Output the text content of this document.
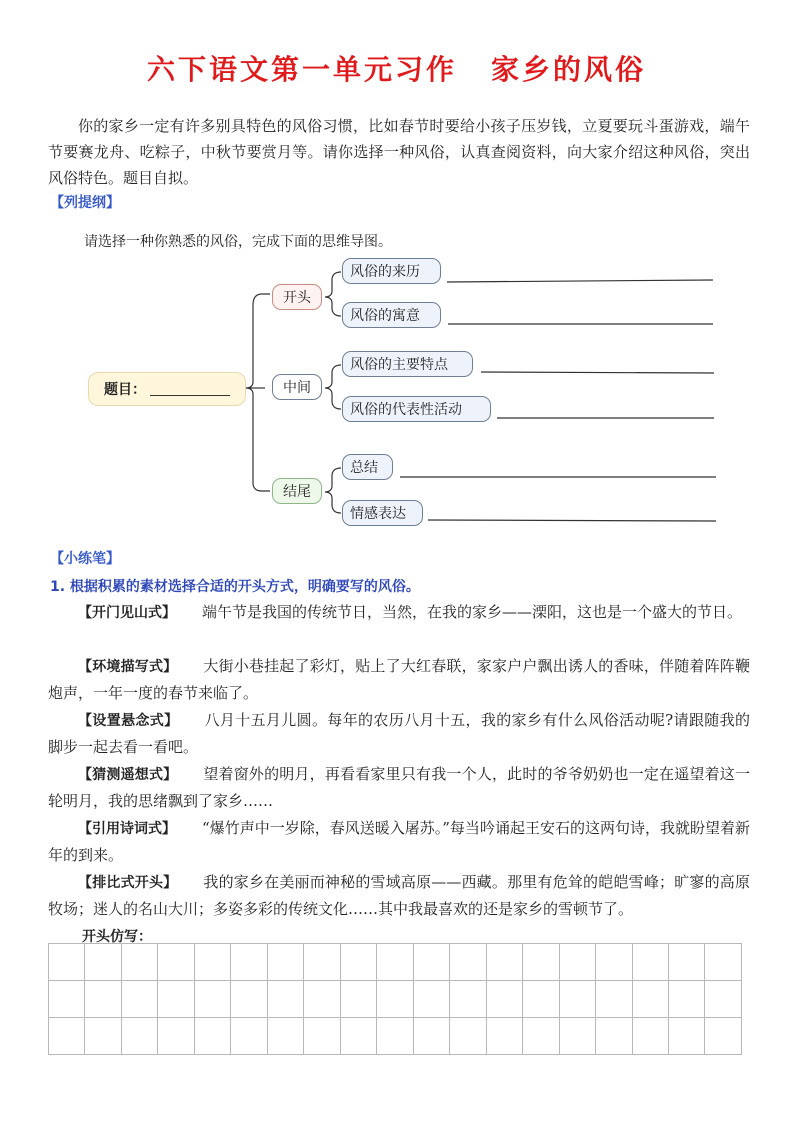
六下语文第一单元习作 家乡的风俗

你的家乡一定有许多别具特色的风俗习惯，比如春节时要给小孩子压岁钱，立夏要玩斗蛋游戏，端午节要赛龙舟、吃粽子，中秋节要赏月等。请你选择一种风俗，认真查阅资料，向大家介绍这种风俗，突出风俗特色。题目自拟。

【列提纲】
请选择一种你熟悉的风俗，完成下面的思维导图。
题目：
开头
中间
结尾
风俗的来历
风俗的寓意
风俗的主要特点
风俗的代表性活动
总结
情感表达
【小练笔】
1. 根据积累的素材选择合适的开头方式，明确要写的风俗。

【开门见山式】 端午节是我国的传统节日，当然，在我的家乡——溧阳，这也是一个盛大的节日。

【环境描写式】 大街小巷挂起了彩灯，贴上了大红春联，家家户户飘出诱人的香味，伴随着阵阵鞭炮声，一年一度的春节来临了。

【设置悬念式】 八月十五月儿圆。每年的农历八月十五，我的家乡有什么风俗活动呢?请跟随我的脚步一起去看一看吧。

【猜测遥想式】 望着窗外的明月，再看看家里只有我一个人，此时的爷爷奶奶也一定在遥望着这一轮明月，我的思绪飘到了家乡……

【引用诗词式】 “爆竹声中一岁除，春风送暖入屠苏。”每当吟诵起王安石的这两句诗，我就盼望着新年的到来。

【排比式开头】 我的家乡在美丽而神秘的雪域高原——西藏。那里有危耸的皑皑雪峰；旷寥的高原牧场；迷人的名山大川；多姿多彩的传统文化……其中我最喜欢的还是家乡的雪顿节了。

开头仿写：
